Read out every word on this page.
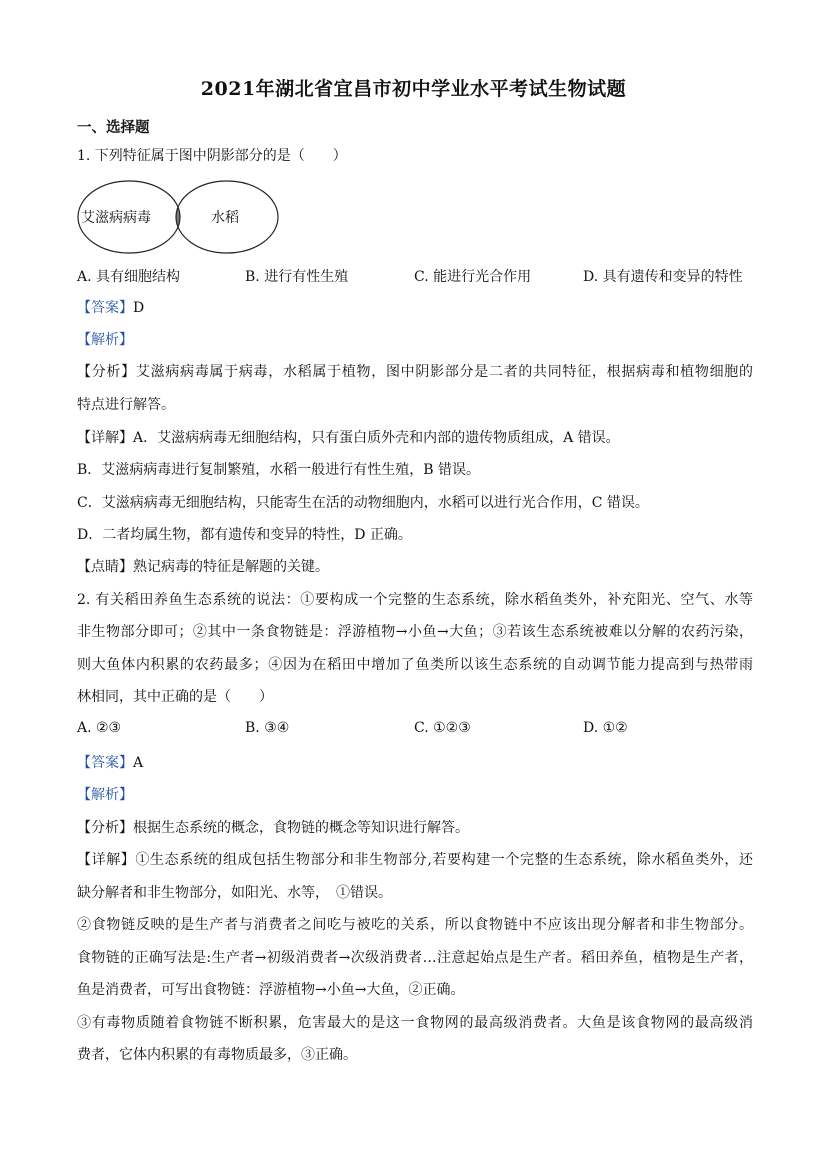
2021年湖北省宜昌市初中学业水平考试生物试题
一、选择题
1. 下列特征属于图中阴影部分的是（　　）
艾滋病病毒	水稻
A. 具有细胞结构	B. 进行有性生殖	C. 能进行光合作用	D. 具有遗传和变异的特性
【答案】D
【解析】
【分析】艾滋病病毒属于病毒，水稻属于植物，图中阴影部分是二者的共同特征，根据病毒和植物细胞的
特点进行解答。
【详解】A．艾滋病病毒无细胞结构，只有蛋白质外壳和内部的遗传物质组成，A 错误。
B．艾滋病病毒进行复制繁殖，水稻一般进行有性生殖，B 错误。
C．艾滋病病毒无细胞结构，只能寄生在活的动物细胞内，水稻可以进行光合作用，C 错误。
D．二者均属生物，都有遗传和变异的特性，D 正确。
【点睛】熟记病毒的特征是解题的关键。
2. 有关稻田养鱼生态系统的说法：①要构成一个完整的生态系统，除水稻鱼类外，补充阳光、空气、水等
非生物部分即可；②其中一条食物链是：浮游植物→小鱼→大鱼；③若该生态系统被难以分解的农药污染，
则大鱼体内积累的农药最多；④因为在稻田中增加了鱼类所以该生态系统的自动调节能力提高到与热带雨
林相同，其中正确的是（　　）
A. ②③	B. ③④	C. ①②③	D. ①②
【答案】A
【解析】
【分析】根据生态系统的概念，食物链的概念等知识进行解答。
【详解】①生态系统的组成包括生物部分和非生物部分,若要构建一个完整的生态系统，除水稻鱼类外，还
缺分解者和非生物部分，如阳光、水等，　①错误。
②食物链反映的是生产者与消费者之间吃与被吃的关系，所以食物链中不应该出现分解者和非生物部分。
食物链的正确写法是:生产者→初级消费者→次级消费者…注意起始点是生产者。稻田养鱼，植物是生产者，
鱼是消费者，可写出食物链：浮游植物→小鱼→大鱼，②正确。
③有毒物质随着食物链不断积累，危害最大的是这一食物网的最高级消费者。大鱼是该食物网的最高级消
费者，它体内积累的有毒物质最多，③正确。
